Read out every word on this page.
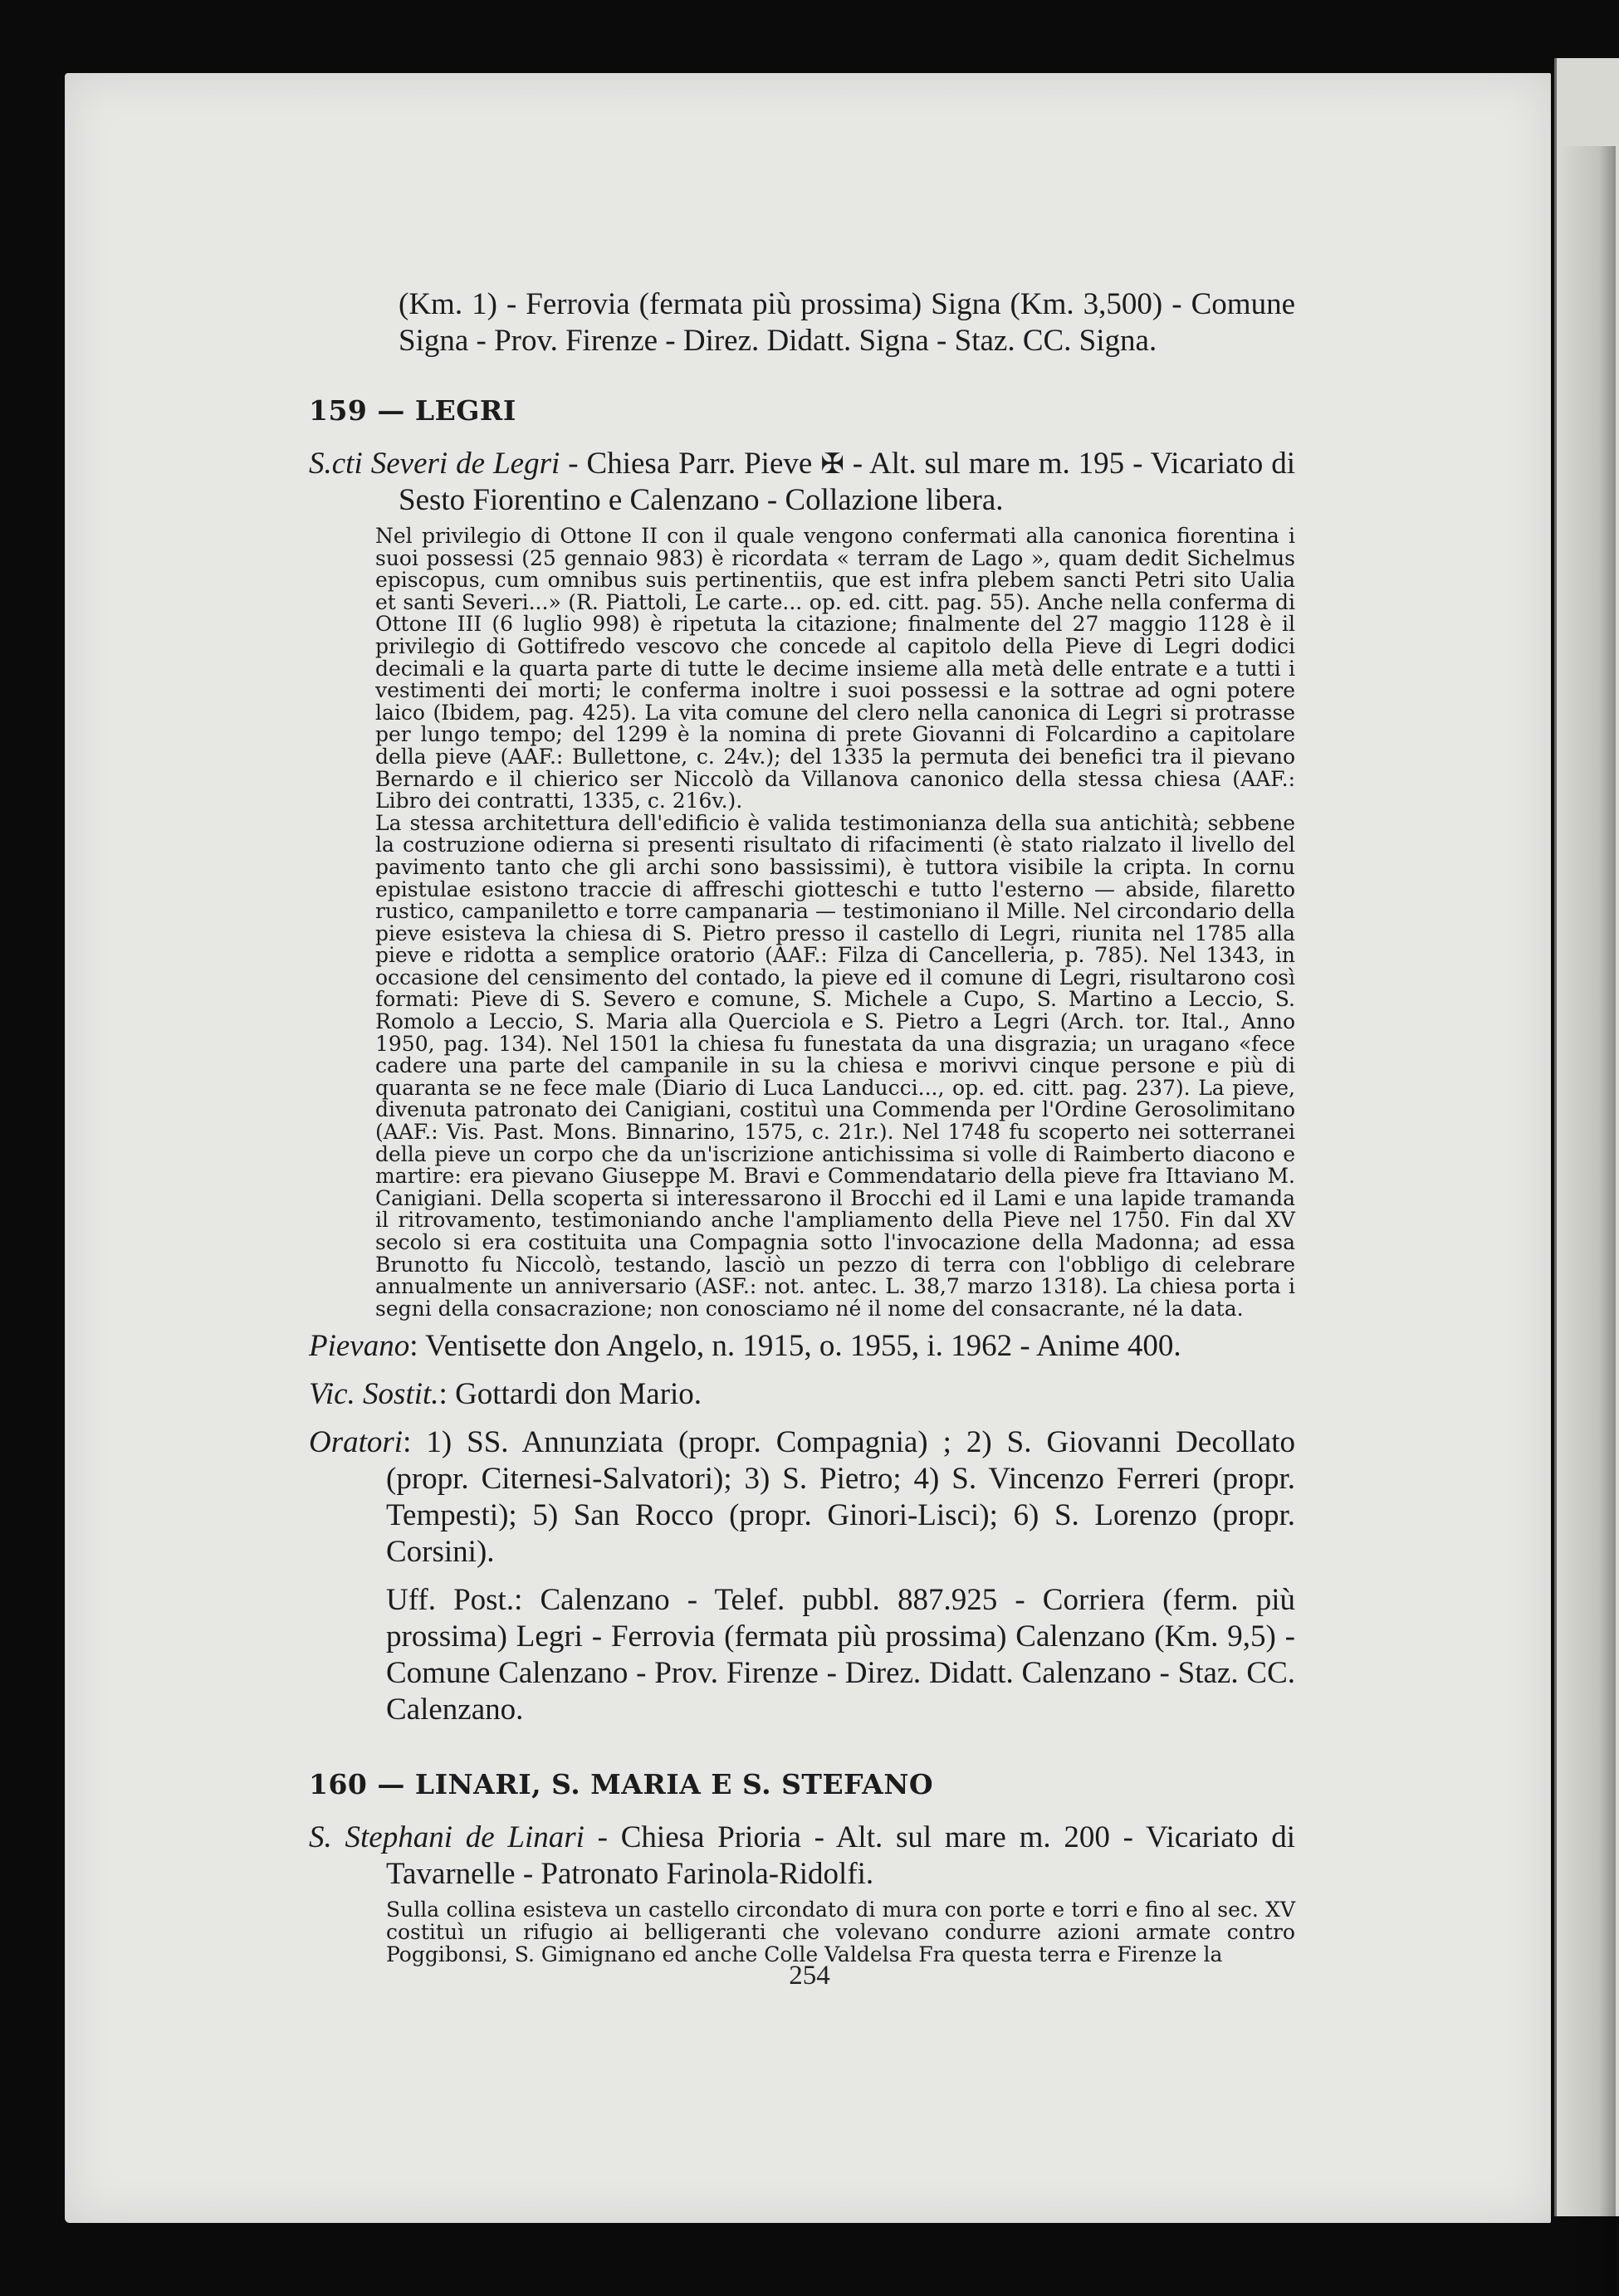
(Km. 1) - Ferrovia (fermata più prossima) Signa (Km. 3,500) - Comune Signa - Prov. Firenze - Direz. Didatt. Signa - Staz. CC. Signa.

159 — LEGRI

S.cti Severi de Legri - Chiesa Parr. Pieve ✠ - Alt. sul mare m. 195 - Vicariato di Sesto Fiorentino e Calenzano - Collazione libera.

Nel privilegio di Ottone II con il quale vengono confermati alla canonica fiorentina i suoi possessi (25 gennaio 983) è ricordata « terram de Lago », quam dedit Sichelmus episcopus, cum omnibus suis pertinentiis, que est infra plebem sancti Petri sito Ualia et santi Severi...» (R. Piattoli, Le carte... op. ed. citt. pag. 55). Anche nella conferma di Ottone III (6 luglio 998) è ripetuta la citazione; finalmente del 27 maggio 1128 è il privilegio di Gottifredo vescovo che concede al capitolo della Pieve di Legri dodici decimali e la quarta parte di tutte le decime insieme alla metà delle entrate e a tutti i vestimenti dei morti; le conferma inoltre i suoi possessi e la sottrae ad ogni potere laico (Ibidem, pag. 425). La vita comune del clero nella canonica di Legri si protrasse per lungo tempo; del 1299 è la nomina di prete Giovanni di Folcardino a capitolare della pieve (AAF.: Bullettone, c. 24v.); del 1335 la permuta dei benefici tra il pievano Bernardo e il chierico ser Niccolò da Villanova canonico della stessa chiesa (AAF.: Libro dei contratti, 1335, c. 216v.).

La stessa architettura dell'edificio è valida testimonianza della sua antichità; sebbene la costruzione odierna si presenti risultato di rifacimenti (è stato rialzato il livello del pavimento tanto che gli archi sono bassissimi), è tuttora visibile la cripta. In cornu epistulae esistono traccie di affreschi giotteschi e tutto l'esterno — abside, filaretto rustico, campaniletto e torre campanaria — testimoniano il Mille. Nel circondario della pieve esisteva la chiesa di S. Pietro presso il castello di Legri, riunita nel 1785 alla pieve e ridotta a semplice oratorio (AAF.: Filza di Cancelleria, p. 785). Nel 1343, in occasione del censimento del contado, la pieve ed il comune di Legri, risultarono così formati: Pieve di S. Severo e comune, S. Michele a Cupo, S. Martino a Leccio, S. Romolo a Leccio, S. Maria alla Querciola e S. Pietro a Legri (Arch. tor. Ital., Anno 1950, pag. 134). Nel 1501 la chiesa fu funestata da una disgrazia; un uragano «fece cadere una parte del campanile in su la chiesa e morivvi cinque persone e più di quaranta se ne fece male (Diario di Luca Landucci..., op. ed. citt. pag. 237). La pieve, divenuta patronato dei Canigiani, costituì una Commenda per l'Ordine Gerosolimitano (AAF.: Vis. Past. Mons. Binnarino, 1575, c. 21r.). Nel 1748 fu scoperto nei sotterranei della pieve un corpo che da un'iscrizione antichissima si volle di Raimberto diacono e martire: era pievano Giuseppe M. Bravi e Commendatario della pieve fra Ittaviano M. Canigiani. Della scoperta si interessarono il Brocchi ed il Lami e una lapide tramanda il ritrovamento, testimoniando anche l'ampliamento della Pieve nel 1750. Fin dal XV secolo si era costituita una Compagnia sotto l'invocazione della Madonna; ad essa Brunotto fu Niccolò, testando, lasciò un pezzo di terra con l'obbligo di celebrare annualmente un anniversario (ASF.: not. antec. L. 38,7 marzo 1318). La chiesa porta i segni della consacrazione; non conosciamo né il nome del consacrante, né la data.

Pievano: Ventisette don Angelo, n. 1915, o. 1955, i. 1962 - Anime 400.

Vic. Sostit.: Gottardi don Mario.

Oratori: 1) SS. Annunziata (propr. Compagnia) ; 2) S. Giovanni Decollato (propr. Citernesi-Salvatori); 3) S. Pietro; 4) S. Vincenzo Ferreri (propr. Tempesti); 5) San Rocco (propr. Ginori-Lisci); 6) S. Lorenzo (propr. Corsini).

Uff. Post.: Calenzano - Telef. pubbl. 887.925 - Corriera (ferm. più prossima) Legri - Ferrovia (fermata più prossima) Calenzano (Km. 9,5) - Comune Calenzano - Prov. Firenze - Direz. Didatt. Calenzano - Staz. CC. Calenzano.

160 — LINARI, S. MARIA E S. STEFANO

S. Stephani de Linari - Chiesa Prioria - Alt. sul mare m. 200 - Vicariato di Tavarnelle - Patronato Farinola-Ridolfi.

Sulla collina esisteva un castello circondato di mura con porte e torri e fino al sec. XV costituì un rifugio ai belligeranti che volevano condurre azioni armate contro Poggibonsi, S. Gimignano ed anche Colle Valdelsa Fra questa terra e Firenze la

254
